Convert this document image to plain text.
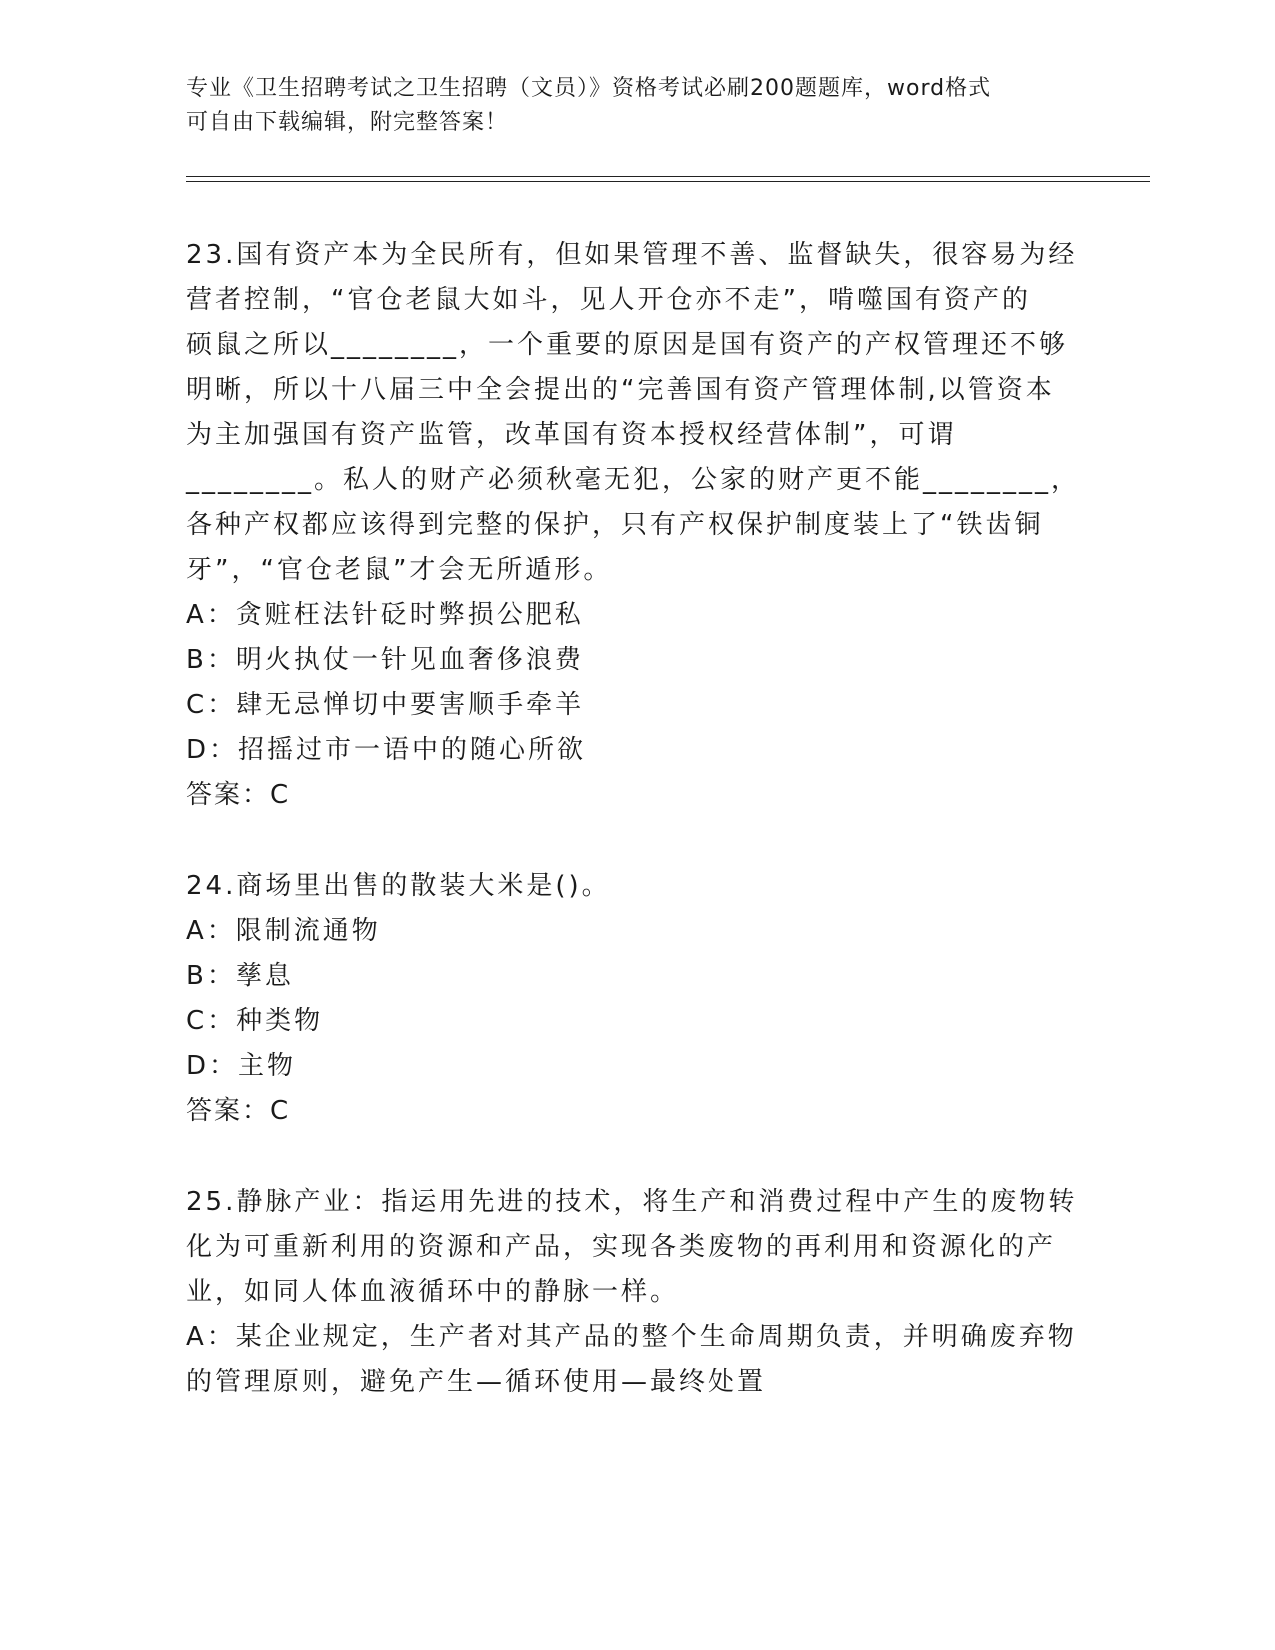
专业《卫生招聘考试之卫生招聘（文员）》资格考试必刷200题题库，word格式
可自由下载编辑，附完整答案！
23.国有资产本为全民所有，但如果管理不善、监督缺失，很容易为经
营者控制，“官仓老鼠大如斗，见人开仓亦不走”，啃噬国有资产的
硕鼠之所以________，一个重要的原因是国有资产的产权管理还不够
明晰，所以十八届三中全会提出的“完善国有资产管理体制,以管资本
为主加强国有资产监管，改革国有资本授权经营体制”，可谓
________。私人的财产必须秋毫无犯，公家的财产更不能________，
各种产权都应该得到完整的保护，只有产权保护制度装上了“铁齿铜
牙”，“官仓老鼠”才会无所遁形。
A：贪赃枉法针砭时弊损公肥私
B：明火执仗一针见血奢侈浪费
C：肆无忌惮切中要害顺手牵羊
D：招摇过市一语中的随心所欲
答案：C
24.商场里出售的散装大米是()。
A：限制流通物
B：孳息
C：种类物
D：主物
答案：C
25.静脉产业：指运用先进的技术，将生产和消费过程中产生的废物转
化为可重新利用的资源和产品，实现各类废物的再利用和资源化的产
业，如同人体血液循环中的静脉一样。
A：某企业规定，生产者对其产品的整个生命周期负责，并明确废弃物
的管理原则，避免产生—循环使用—最终处置
